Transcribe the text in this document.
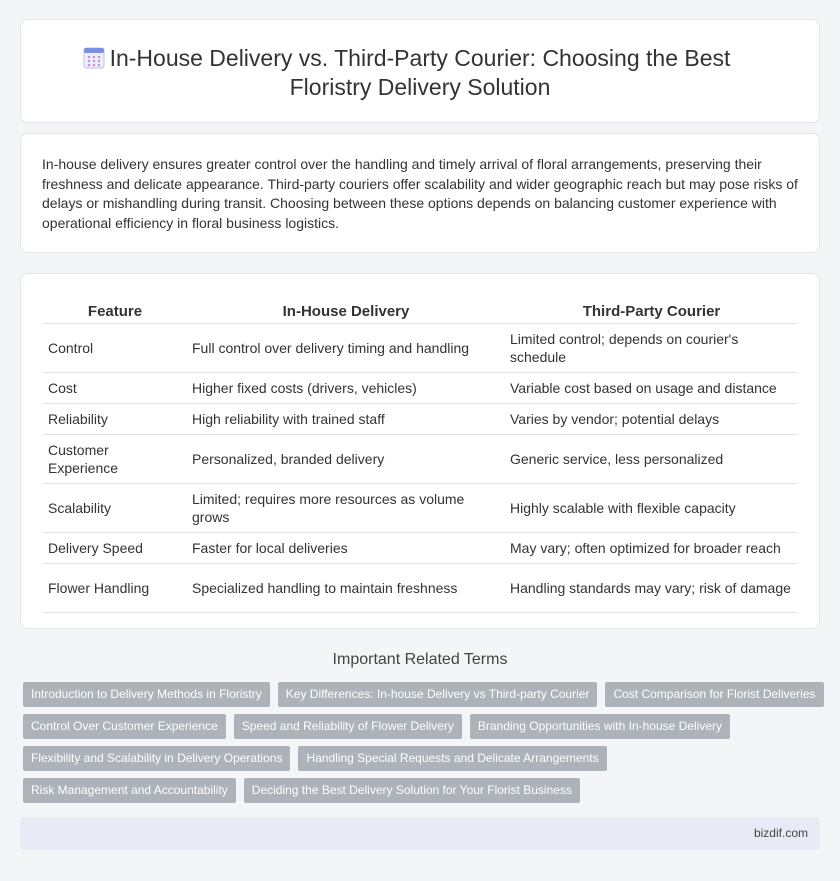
In-House Delivery vs. Third-Party Courier: Choosing the Best Floristry Delivery Solution

In-house delivery ensures greater control over the handling and timely arrival of floral arrangements, preserving their freshness and delicate appearance. Third-party couriers offer scalability and wider geographic reach but may pose risks of delays or mishandling during transit. Choosing between these options depends on balancing customer experience with operational efficiency in floral business logistics.

Feature	In-House Delivery	Third-Party Courier
Control	Full control over delivery timing and handling	Limited control; depends on courier's schedule
Cost	Higher fixed costs (drivers, vehicles)	Variable cost based on usage and distance
Reliability	High reliability with trained staff	Varies by vendor; potential delays
Customer Experience	Personalized, branded delivery	Generic service, less personalized
Scalability	Limited; requires more resources as volume grows	Highly scalable with flexible capacity
Delivery Speed	Faster for local deliveries	May vary; often optimized for broader reach
Flower Handling	Specialized handling to maintain freshness	Handling standards may vary; risk of damage
Important Related Terms
Introduction to Delivery Methods in Floristry	Key Differences: In-house Delivery vs Third-party Courier	Cost Comparison for Florist Deliveries
Control Over Customer Experience	Speed and Reliability of Flower Delivery	Branding Opportunities with In-house Delivery
Flexibility and Scalability in Delivery Operations	Handling Special Requests and Delicate Arrangements
Risk Management and Accountability	Deciding the Best Delivery Solution for Your Florist Business
bizdif.com
